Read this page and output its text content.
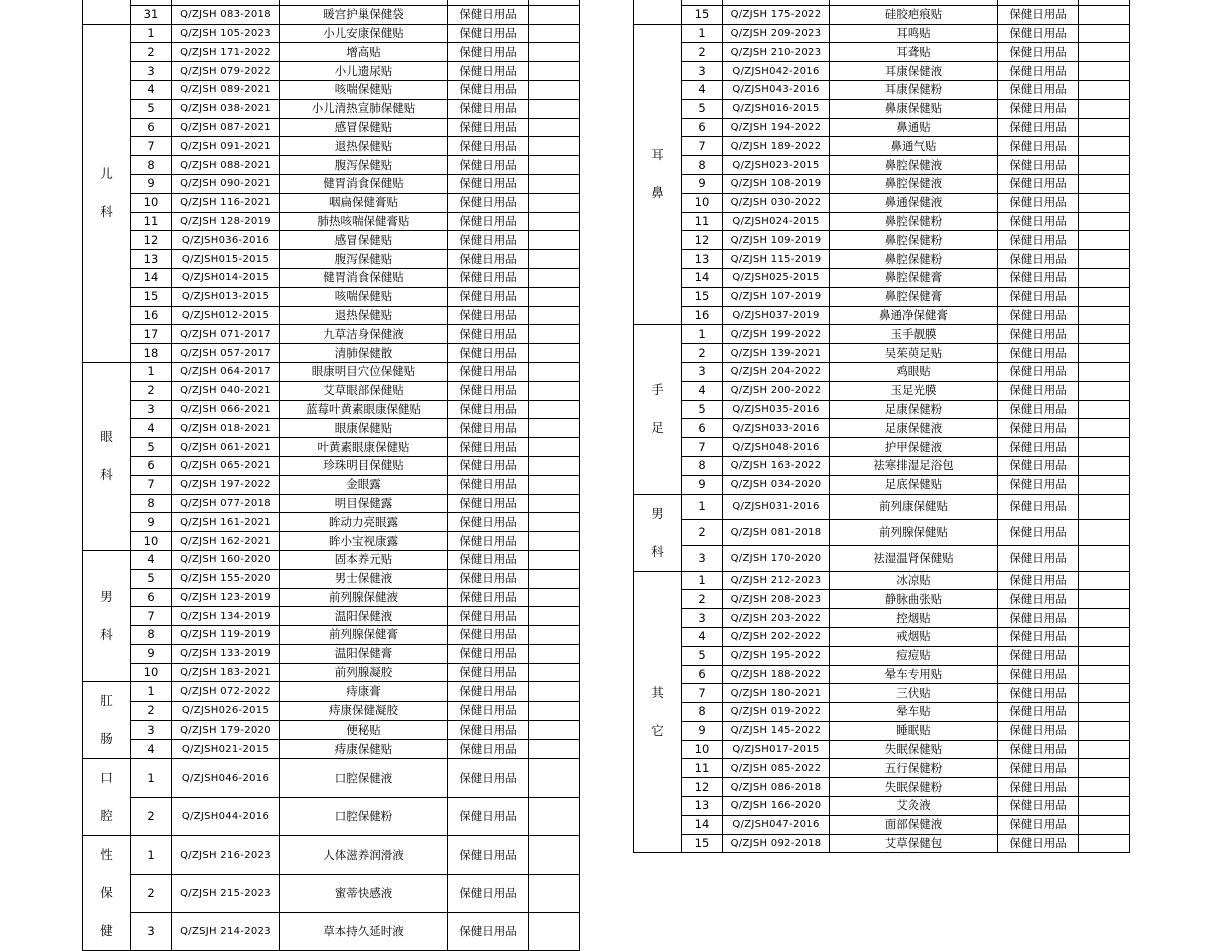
	31	Q/ZJSH 083-2018	暖宫护巢保健袋	保健日用品	

儿
科	1	Q/ZJSH 105-2023	小儿安康保健贴	保健日用品	
	2	Q/ZJSH 171-2022	增高贴	保健日用品	
	3	Q/ZJSH 079-2022	小儿遗尿贴	保健日用品	
	4	Q/ZJSH 089-2021	咳喘保健贴	保健日用品	
	5	Q/ZJSH 038-2021	小儿清热宣肺保健贴	保健日用品	
	6	Q/ZJSH 087-2021	感冒保健贴	保健日用品	
	7	Q/ZJSH 091-2021	退热保健贴	保健日用品	
	8	Q/ZJSH 088-2021	腹泻保健贴	保健日用品	
	9	Q/ZJSH 090-2021	健胃消食保健贴	保健日用品	
	10	Q/ZJSH 116-2021	咽扁保健膏贴	保健日用品	
	11	Q/ZJSH 128-2019	肺热咳喘保健膏贴	保健日用品	
	12	Q/ZJSH036-2016	感冒保健贴	保健日用品	
	13	Q/ZJSH015-2015	腹泻保健贴	保健日用品	
	14	Q/ZJSH014-2015	健胃消食保健贴	保健日用品	
	15	Q/ZJSH013-2015	咳喘保健贴	保健日用品	
	16	Q/ZJSH012-2015	退热保健贴	保健日用品	
	17	Q/ZJSH 071-2017	九草洁身保健液	保健日用品	
	18	Q/ZJSH 057-2017	清肺保健散	保健日用品	

眼
科	1	Q/ZJSH 064-2017	眼康明目穴位保健贴	保健日用品	
	2	Q/ZJSH 040-2021	艾草眼部保健贴	保健日用品	
	3	Q/ZJSH 066-2021	蓝莓叶黄素眼康保健贴	保健日用品	
	4	Q/ZJSH 018-2021	眼康保健贴	保健日用品	
	5	Q/ZJSH 061-2021	叶黄素眼康保健贴	保健日用品	
	6	Q/ZJSH 065-2021	珍珠明目保健贴	保健日用品	
	7	Q/ZJSH 197-2022	金眼露	保健日用品	
	8	Q/ZJSH 077-2018	明目保健露	保健日用品	
	9	Q/ZJSH 161-2021	眸动力亮眼露	保健日用品	
	10	Q/ZJSH 162-2021	眸小宝视康露	保健日用品	

男
科	4	Q/ZJSH 160-2020	固本养元贴	保健日用品	
	5	Q/ZJSH 155-2020	男士保健液	保健日用品	
	6	Q/ZJSH 123-2019	前列腺保健液	保健日用品	
	7	Q/ZJSH 134-2019	温阳保健液	保健日用品	
	8	Q/ZJSH 119-2019	前列腺保健膏	保健日用品	
	9	Q/ZJSH 133-2019	温阳保健膏	保健日用品	
	10	Q/ZJSH 183-2021	前列腺凝胶	保健日用品	

肛
肠	1	Q/ZJSH 072-2022	痔康膏	保健日用品	
	2	Q/ZJSH026-2015	痔康保健凝胶	保健日用品	
	3	Q/ZJSH 179-2020	便秘贴	保健日用品	
	4	Q/ZJSH021-2015	痔康保健贴	保健日用品	

口
腔	1	Q/ZJSH046-2016	口腔保健液	保健日用品	
	2	Q/ZJSH044-2016	口腔保健粉	保健日用品	

性
保
健	1	Q/ZJSH 216-2023	人体滋养润滑液	保健日用品	
	2	Q/ZJSH 215-2023	蜜蒂快感液	保健日用品	
	3	Q/ZSJH 214-2023	草本持久延时液	保健日用品	

	15	Q/ZJSH 175-2022	硅胶疤痕贴	保健日用品	

耳
鼻	1	Q/ZJSH 209-2023	耳鸣贴	保健日用品	
	2	Q/ZJSH 210-2023	耳聋贴	保健日用品	
	3	Q/ZJSH042-2016	耳康保健液	保健日用品	
	4	Q/ZJSH043-2016	耳康保健粉	保健日用品	
	5	Q/ZJSH016-2015	鼻康保健贴	保健日用品	
	6	Q/ZJSH 194-2022	鼻通贴	保健日用品	
	7	Q/ZJSH 189-2022	鼻通气贴	保健日用品	
	8	Q/ZJSH023-2015	鼻腔保健液	保健日用品	
	9	Q/ZJSH 108-2019	鼻腔保健液	保健日用品	
	10	Q/ZJSH 030-2022	鼻通保健液	保健日用品	
	11	Q/ZJSH024-2015	鼻腔保健粉	保健日用品	
	12	Q/ZJSH 109-2019	鼻腔保健粉	保健日用品	
	13	Q/ZJSH 115-2019	鼻腔保健粉	保健日用品	
	14	Q/ZJSH025-2015	鼻腔保健膏	保健日用品	
	15	Q/ZJSH 107-2019	鼻腔保健膏	保健日用品	
	16	Q/ZJSH037-2019	鼻通净保健膏	保健日用品	

手
足	1	Q/ZJSH 199-2022	玉手靓膜	保健日用品	
	2	Q/ZJSH 139-2021	吴茱萸足贴	保健日用品	
	3	Q/ZJSH 204-2022	鸡眼贴	保健日用品	
	4	Q/ZJSH 200-2022	玉足光膜	保健日用品	
	5	Q/ZJSH035-2016	足康保健粉	保健日用品	
	6	Q/ZJSH033-2016	足康保健液	保健日用品	
	7	Q/ZJSH048-2016	护甲保健液	保健日用品	
	8	Q/ZJSH 163-2022	祛寒排湿足浴包	保健日用品	
	9	Q/ZJSH 034-2020	足底保健贴	保健日用品	

男
科	1	Q/ZJSH031-2016	前列康保健贴	保健日用品	
	2	Q/ZJSH 081-2018	前列腺保健贴	保健日用品	
	3	Q/ZJSH 170-2020	祛湿温肾保健贴	保健日用品	

其
它	1	Q/ZJSH 212-2023	冰凉贴	保健日用品	
	2	Q/ZJSH 208-2023	静脉曲张贴	保健日用品	
	3	Q/ZJSH 203-2022	控烟贴	保健日用品	
	4	Q/ZJSH 202-2022	戒烟贴	保健日用品	
	5	Q/ZJSH 195-2022	痘痘贴	保健日用品	
	6	Q/ZJSH 188-2022	晕车专用贴	保健日用品	
	7	Q/ZJSH 180-2021	三伏贴	保健日用品	
	8	Q/ZJSH 019-2022	晕车贴	保健日用品	
	9	Q/ZJSH 145-2022	睡眠贴	保健日用品	
	10	Q/ZJSH017-2015	失眠保健贴	保健日用品	
	11	Q/ZJSH 085-2022	五行保健粉	保健日用品	
	12	Q/ZJSH 086-2018	失眠保健粉	保健日用品	
	13	Q/ZJSH 166-2020	艾灸液	保健日用品	
	14	Q/ZJSH047-2016	面部保健液	保健日用品	
	15	Q/ZJSH 092-2018	艾草保健包	保健日用品	
